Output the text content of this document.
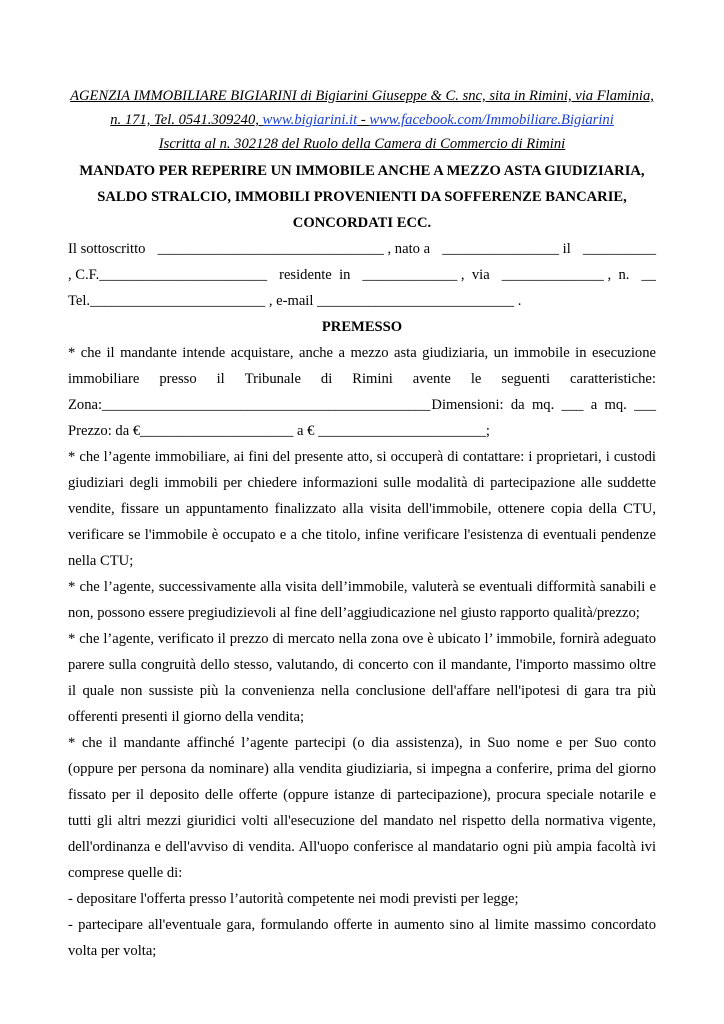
AGENZIA IMMOBILIARE BIGIARINI di Bigiarini Giuseppe & C. snc, sita in Rimini, via Flaminia,
n. 171, Tel. 0541.309240, www.bigiarini.it - www.facebook.com/Immobiliare.Bigiarini
Iscritta al n. 302128 del Ruolo della Camera di Commercio di Rimini
MANDATO PER REPERIRE UN IMMOBILE ANCHE A MEZZO ASTA GIUDIZIARIA,
SALDO STRALCIO, IMMOBILI PROVENIENTI DA SOFFERENZE BANCARIE,
CONCORDATI ECC.
Il sottoscritto _______________________________ , nato a ________________ il __________
, C.F._______________________ residente  in _____________ ,  via ______________ ,  n. __
Tel.________________________ , e-mail ___________________________ .
PREMESSO

* che il mandante intende acquistare, anche a mezzo asta giudiziaria, un immobile in esecuzione

immobiliare presso il Tribunale di Rimini avente le seguenti caratteristiche:
Zona:_____________________________________________ Dimensioni:  da  mq.  ___  a  mq.  ___
Prezzo: da €_____________________ a € _______________________;

* che l’agente immobiliare, ai fini del presente atto, si occuperà di contattare: i proprietari, i custodi giudiziari degli immobili per chiedere informazioni sulle modalità di partecipazione alle suddette vendite, fissare un appuntamento finalizzato alla visita dell'immobile, ottenere copia della CTU, verificare se l'immobile è occupato e a che titolo, infine verificare l'esistenza di eventuali pendenze nella CTU;

* che l’agente, successivamente alla visita dell’immobile, valuterà se eventuali difformità sanabili e non, possono essere pregiudizievoli al fine dell’aggiudicazione nel giusto rapporto qualità/prezzo;

* che l’agente, verificato il prezzo di mercato nella zona ove è ubicato l’ immobile, fornirà adeguato parere sulla congruità dello stesso, valutando, di concerto con il mandante, l'importo massimo oltre il quale non sussiste più la convenienza nella conclusione dell'affare nell'ipotesi di gara tra più offerenti presenti il giorno della vendita;

* che il mandante affinché l’agente partecipi (o dia assistenza), in Suo nome e per Suo conto (oppure per persona da nominare) alla vendita giudiziaria, si impegna a conferire, prima del giorno fissato per il deposito delle offerte (oppure istanze di partecipazione), procura speciale notarile e tutti gli altri mezzi giuridici volti all'esecuzione del mandato nel rispetto della normativa vigente, dell'ordinanza e dell'avviso di vendita. All'uopo conferisce al mandatario ogni più ampia facoltà ivi comprese quelle di:

- depositare l'offerta presso l’autorità competente nei modi previsti per legge;

- partecipare all'eventuale gara, formulando offerte in aumento sino al limite massimo concordato volta per volta;
